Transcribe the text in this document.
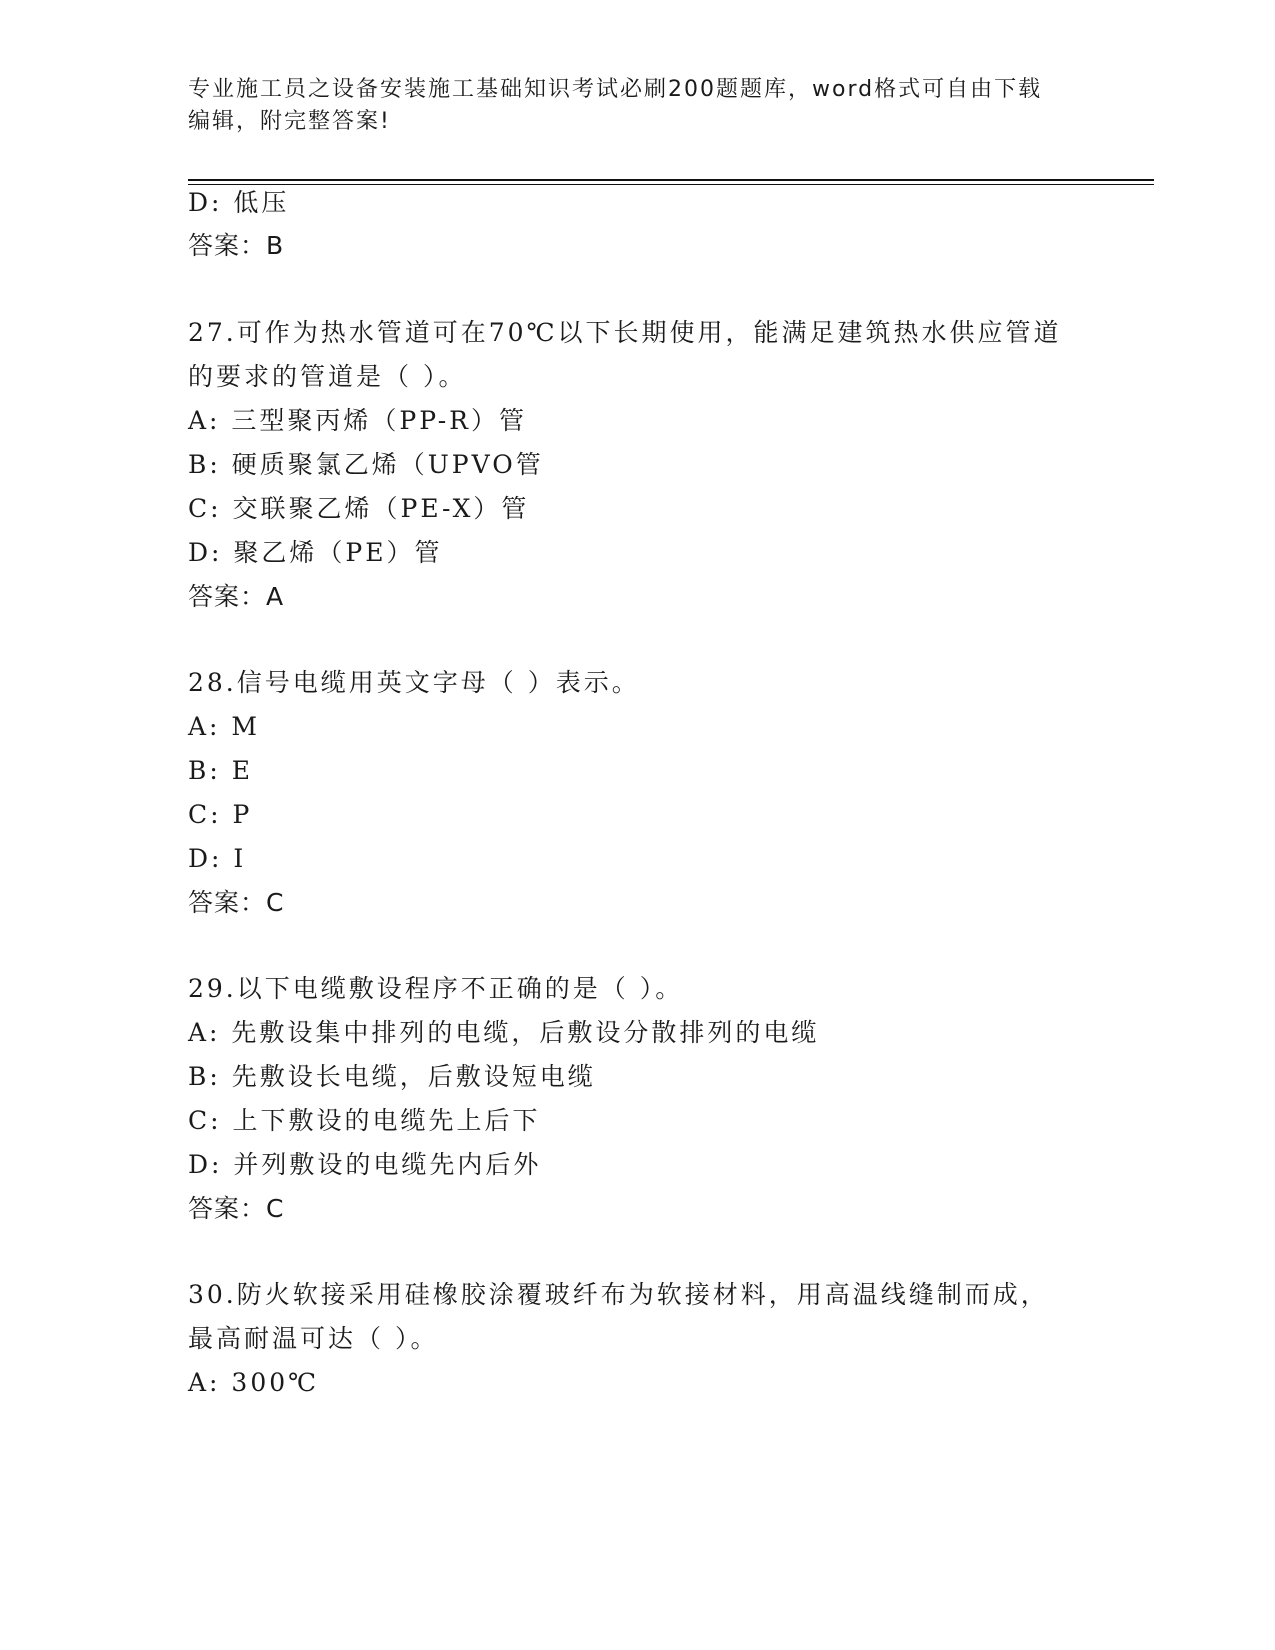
专业施工员之设备安装施工基础知识考试必刷200题题库，word格式可自由下载
编辑，附完整答案!
D: 低压
答案：B
27.可作为热水管道可在70℃以下长期使用，能满足建筑热水供应管道
的要求的管道是（ ）。
A: 三型聚丙烯（PP-R）管
B: 硬质聚氯乙烯（UPVO管
C: 交联聚乙烯（PE-X）管
D: 聚乙烯（PE）管
答案：A
28.信号电缆用英文字母（ ）表示。
A: M
B: E
C: P
D: I
答案：C
29.以下电缆敷设程序不正确的是（ ）。
A: 先敷设集中排列的电缆，后敷设分散排列的电缆
B: 先敷设长电缆，后敷设短电缆
C: 上下敷设的电缆先上后下
D: 并列敷设的电缆先内后外
答案：C
30.防火软接采用硅橡胶涂覆玻纤布为软接材料，用高温线缝制而成，
最高耐温可达（ ）。
A: 300℃
